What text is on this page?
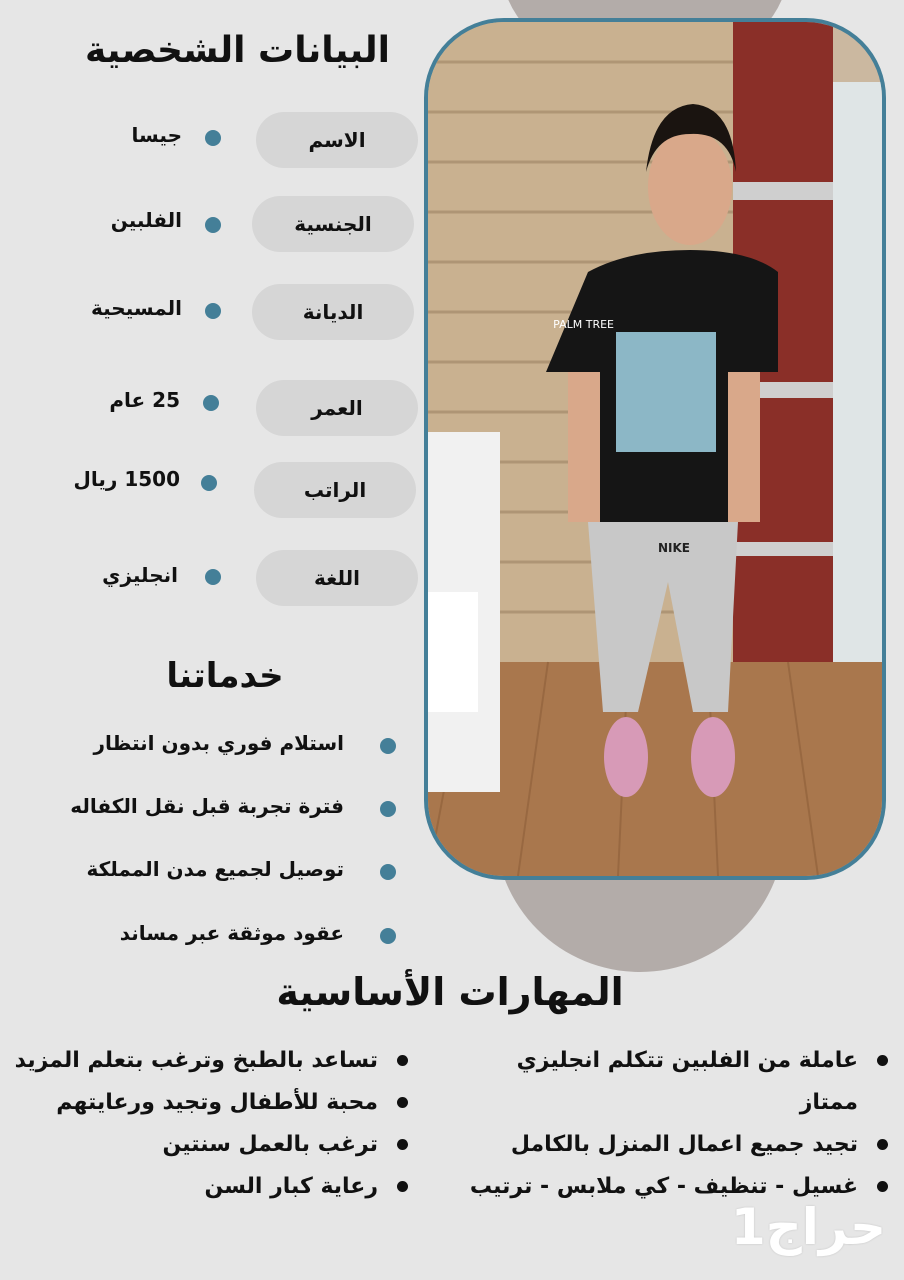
PALM TREE
NIKE
البيانات الشخصية
الاسم
جيسا
الجنسية
الفلبين
الديانة
المسيحية
العمر
25 عام
الراتب
1500 ريال
اللغة
انجليزي
خدماتنا
استلام فوري بدون انتظار
فترة تجربة قبل نقل الكفاله
توصيل لجميع مدن المملكة
عقود موثقة عبر مساند
المهارات الأساسية
عاملة من الفلبين تتكلم انجليزي ممتاز
تجيد جميع اعمال المنزل بالكامل
غسيل - تنظيف - كي ملابس - ترتيب
تساعد بالطبخ وترغب بتعلم المزيد
محبة للأطفال وتجيد ورعايتهم
ترغب بالعمل سنتين
رعاية كبار السن
حراج1
